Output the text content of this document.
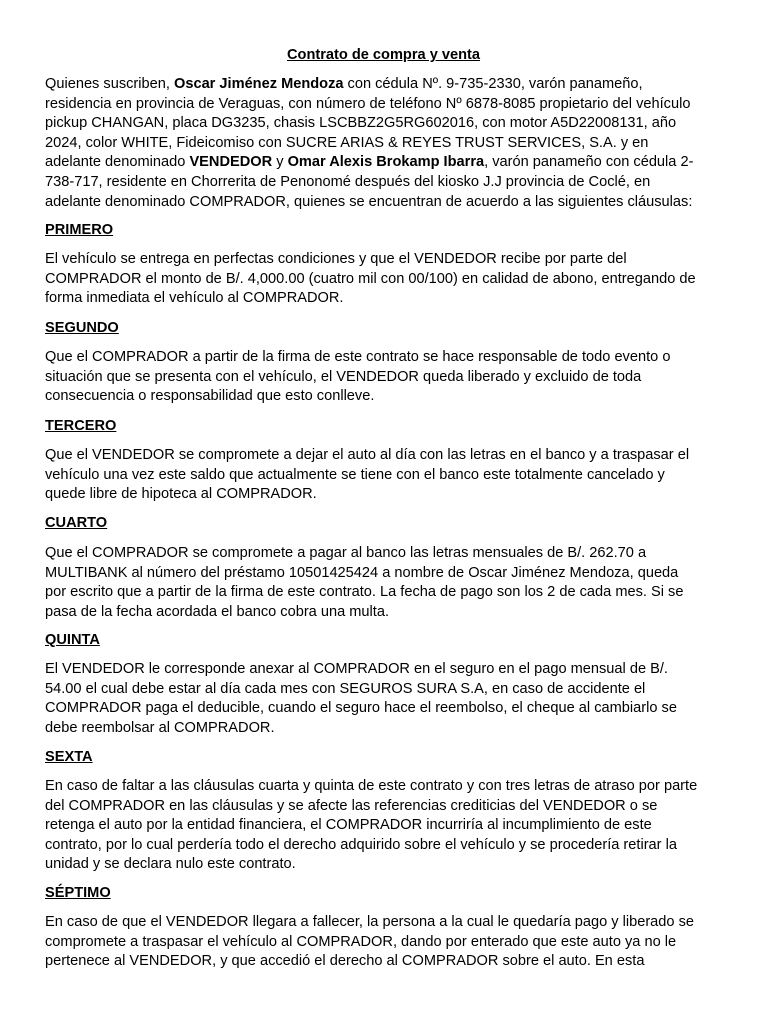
Contrato de compra y venta
Quienes suscriben, Oscar Jiménez Mendoza con cédula Nº. 9-735-2330, varón panameño,
residencia en provincia de Veraguas, con número de teléfono Nº 6878-8085 propietario del vehículo
pickup CHANGAN, placa DG3235, chasis LSCBBZ2G5RG602016, con motor A5D22008131, año
2024, color WHITE, Fideicomiso con SUCRE ARIAS & REYES TRUST SERVICES, S.A. y en
adelante denominado VENDEDOR y Omar Alexis Brokamp Ibarra, varón panameño con cédula 2-
738-717, residente en Chorrerita de Penonomé después del kiosko J.J provincia de Coclé, en
adelante denominado COMPRADOR, quienes se encuentran de acuerdo a las siguientes cláusulas:
PRIMERO
El vehículo se entrega en perfectas condiciones y que el VENDEDOR recibe por parte del
COMPRADOR el monto de B/. 4,000.00 (cuatro mil con 00/100) en calidad de abono, entregando de
forma inmediata el vehículo al COMPRADOR.
SEGUNDO
Que el COMPRADOR a partir de la firma de este contrato se hace responsable de todo evento o
situación que se presenta con el vehículo, el VENDEDOR queda liberado y excluido de toda
consecuencia o responsabilidad que esto conlleve.
TERCERO
Que el VENDEDOR se compromete a dejar el auto al día con las letras en el banco y a traspasar el
vehículo una vez este saldo que actualmente se tiene con el banco este totalmente cancelado y
quede libre de hipoteca al COMPRADOR.
CUARTO
Que el COMPRADOR se compromete a pagar al banco las letras mensuales de B/. 262.70 a
MULTIBANK al número del préstamo 10501425424 a nombre de Oscar Jiménez Mendoza, queda
por escrito que a partir de la firma de este contrato. La fecha de pago son los 2 de cada mes. Si se
pasa de la fecha acordada el banco cobra una multa.
QUINTA
El VENDEDOR le corresponde anexar al COMPRADOR en el seguro en el pago mensual de B/.
54.00 el cual debe estar al día cada mes con SEGUROS SURA S.A, en caso de accidente el
COMPRADOR paga el deducible, cuando el seguro hace el reembolso, el cheque al cambiarlo se
debe reembolsar al COMPRADOR.
SEXTA
En caso de faltar a las cláusulas cuarta y quinta de este contrato y con tres letras de atraso por parte
del COMPRADOR en las cláusulas y se afecte las referencias crediticias del VENDEDOR o se
retenga el auto por la entidad financiera, el COMPRADOR incurriría al incumplimiento de este
contrato, por lo cual perdería todo el derecho adquirido sobre el vehículo y se procedería retirar la
unidad y se declara nulo este contrato.
SÉPTIMO
En caso de que el VENDEDOR llegara a fallecer, la persona a la cual le quedaría pago y liberado se
compromete a traspasar el vehículo al COMPRADOR, dando por enterado que este auto ya no le
pertenece al VENDEDOR, y que accedió el derecho al COMPRADOR sobre el auto. En esta
